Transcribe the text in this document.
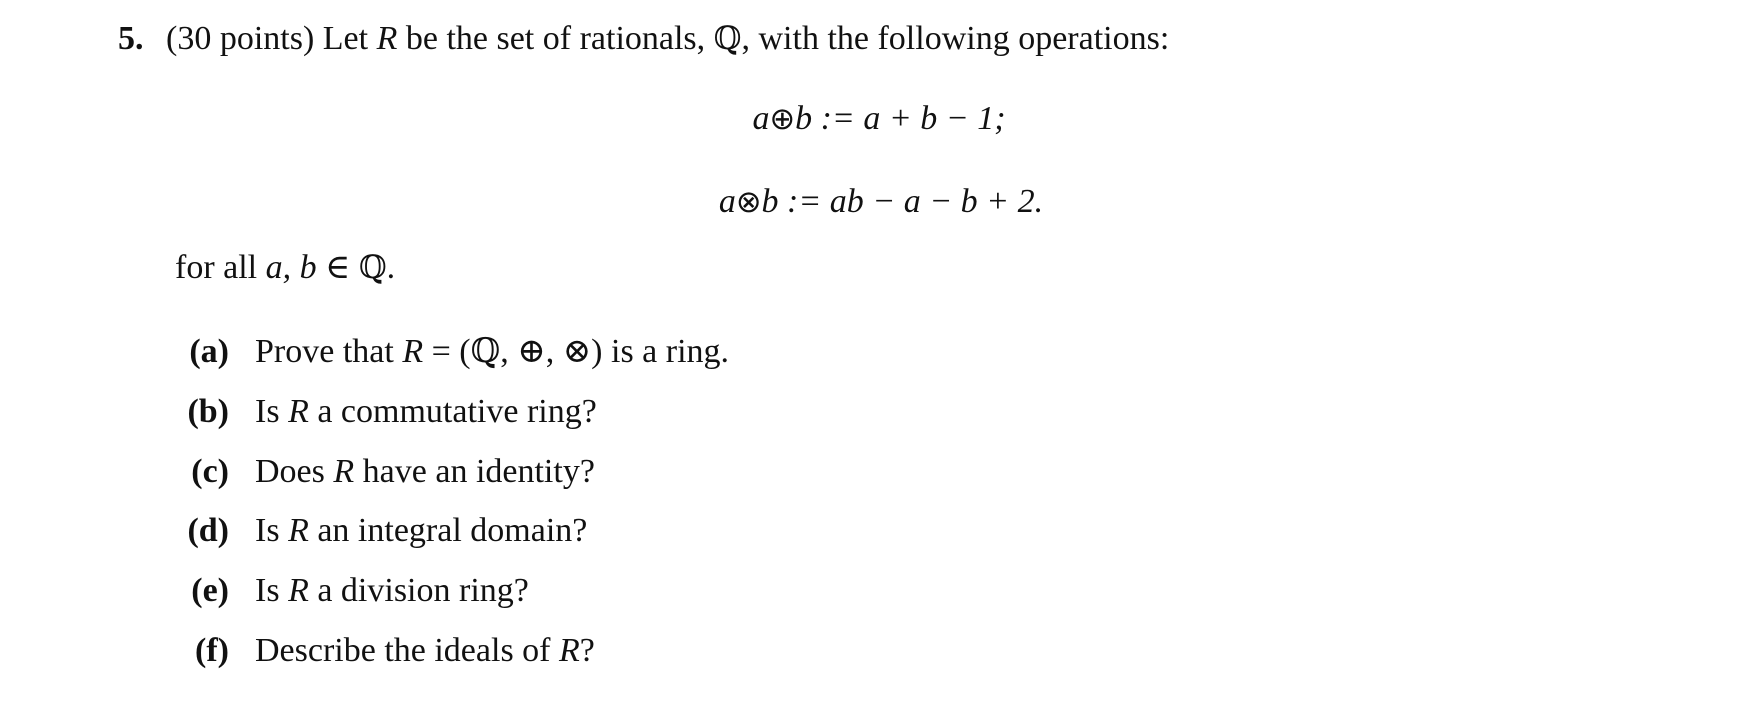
5. (30 points) Let R be the set of rationals, ℚ, with the following operations:
a⊕b := a + b − 1;
a⊗b := ab − a − b + 2.
for all a, b ∈ ℚ.
(a) Prove that R = (ℚ, ⊕, ⊗) is a ring.
(b) Is R a commutative ring?
(c) Does R have an identity?
(d) Is R an integral domain?
(e) Is R a division ring?
(f) Describe the ideals of R?
